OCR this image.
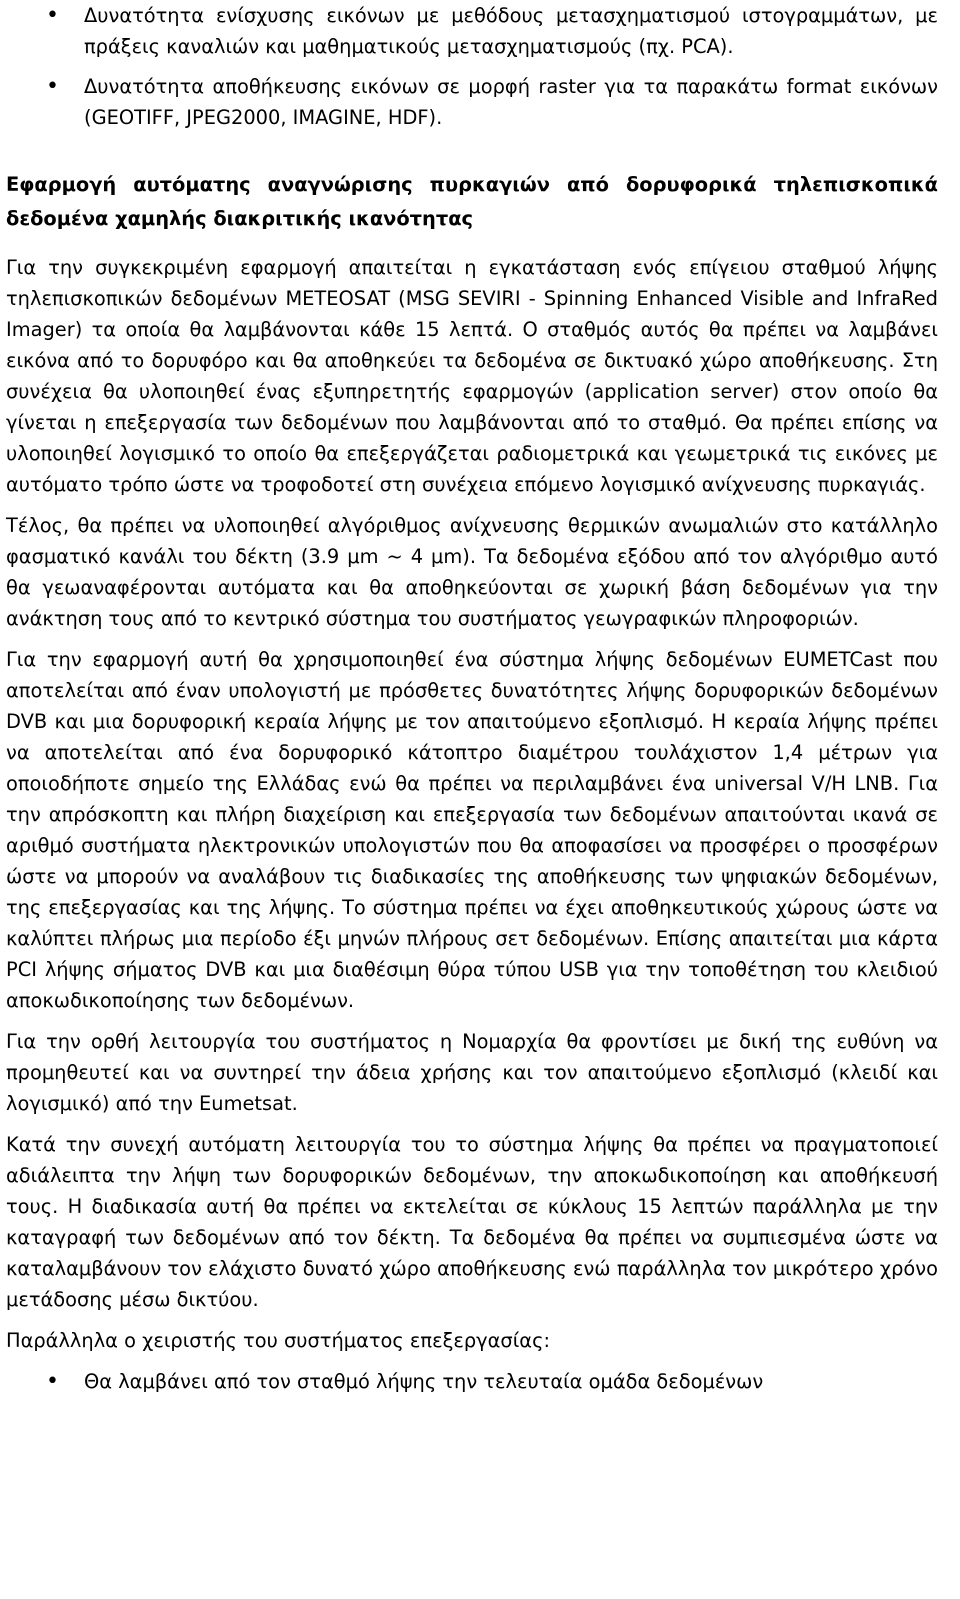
• Δυνατότητα ενίσχυσης εικόνων με μεθόδους μετασχηματισμού ιστογραμμάτων, με πράξεις καναλιών και μαθηματικούς μετασχηματισμούς (πχ. PCA).
• Δυνατότητα αποθήκευσης εικόνων σε μορφή raster για τα παρακάτω format εικόνων (GEOTIFF, JPEG2000, IMAGINE, HDF).
Εφαρμογή αυτόματης αναγνώρισης πυρκαγιών από δορυφορικά τηλεπισκοπικά δεδομένα χαμηλής διακριτικής ικανότητας

Για την συγκεκριμένη εφαρμογή απαιτείται η εγκατάσταση ενός επίγειου σταθμού λήψης τηλεπισκοπικών δεδομένων METEOSAT (MSG SEVIRI - Spinning Enhanced Visible and InfraRed Imager) τα οποία θα λαμβάνονται κάθε 15 λεπτά. Ο σταθμός αυτός θα πρέπει να λαμβάνει εικόνα από το δορυφόρο και θα αποθηκεύει τα δεδομένα σε δικτυακό χώρο αποθήκευσης. Στη συνέχεια θα υλοποιηθεί ένας εξυπηρετητής εφαρμογών (application server) στον οποίο θα γίνεται η επεξεργασία των δεδομένων που λαμβάνονται από το σταθμό. Θα πρέπει επίσης να υλοποιηθεί λογισμικό το οποίο θα επεξεργάζεται ραδιομετρικά και γεωμετρικά τις εικόνες με αυτόματο τρόπο ώστε να τροφοδοτεί στη συνέχεια επόμενο λογισμικό ανίχνευσης πυρκαγιάς.

Τέλος, θα πρέπει να υλοποιηθεί αλγόριθμος ανίχνευσης θερμικών ανωμαλιών στο κατάλληλο φασματικό κανάλι του δέκτη (3.9 μm ~ 4 μm). Τα δεδομένα εξόδου από τον αλγόριθμο αυτό θα γεωαναφέρονται αυτόματα και θα αποθηκεύονται σε χωρική βάση δεδομένων για την ανάκτηση τους από το κεντρικό σύστημα του συστήματος γεωγραφικών πληροφοριών.

Για την εφαρμογή αυτή θα χρησιμοποιηθεί ένα σύστημα λήψης δεδομένων EUMETCast που αποτελείται από έναν υπολογιστή με πρόσθετες δυνατότητες λήψης δορυφορικών δεδομένων DVB και μια δορυφορική κεραία λήψης με τον απαιτούμενο εξοπλισμό. Η κεραία λήψης πρέπει να αποτελείται από ένα δορυφορικό κάτοπτρο διαμέτρου τουλάχιστον 1,4 μέτρων για οποιοδήποτε σημείο της Ελλάδας ενώ θα πρέπει να περιλαμβάνει ένα universal V/H LNB. Για την απρόσκοπτη και πλήρη διαχείριση και επεξεργασία των δεδομένων απαιτούνται ικανά σε αριθμό συστήματα ηλεκτρονικών υπολογιστών που θα αποφασίσει να προσφέρει ο προσφέρων ώστε να μπορούν να αναλάβουν τις διαδικασίες της αποθήκευσης των ψηφιακών δεδομένων, της επεξεργασίας και της λήψης. Το σύστημα πρέπει να έχει αποθηκευτικούς χώρους ώστε να καλύπτει πλήρως μια περίοδο έξι μηνών πλήρους σετ δεδομένων. Επίσης απαιτείται μια κάρτα PCI λήψης σήματος DVB και μια διαθέσιμη θύρα τύπου USB για την τοποθέτηση του κλειδιού αποκωδικοποίησης των δεδομένων.

Για την ορθή λειτουργία του συστήματος η Νομαρχία θα φροντίσει με δική της ευθύνη να προμηθευτεί και να συντηρεί την άδεια χρήσης και τον απαιτούμενο εξοπλισμό (κλειδί και λογισμικό) από την Eumetsat.

Κατά την συνεχή αυτόματη λειτουργία του το σύστημα λήψης θα πρέπει να πραγματοποιεί αδιάλειπτα την λήψη των δορυφορικών δεδομένων, την αποκωδικοποίηση και αποθήκευσή τους. Η διαδικασία αυτή θα πρέπει να εκτελείται σε κύκλους 15 λεπτών παράλληλα με την καταγραφή των δεδομένων από τον δέκτη. Τα δεδομένα θα πρέπει να συμπιεσμένα ώστε να καταλαμβάνουν τον ελάχιστο δυνατό χώρο αποθήκευσης ενώ παράλληλα τον μικρότερο χρόνο μετάδοσης μέσω δικτύου.

Παράλληλα ο χειριστής του συστήματος επεξεργασίας:

• Θα λαμβάνει από τον σταθμό λήψης την τελευταία ομάδα δεδομένων
